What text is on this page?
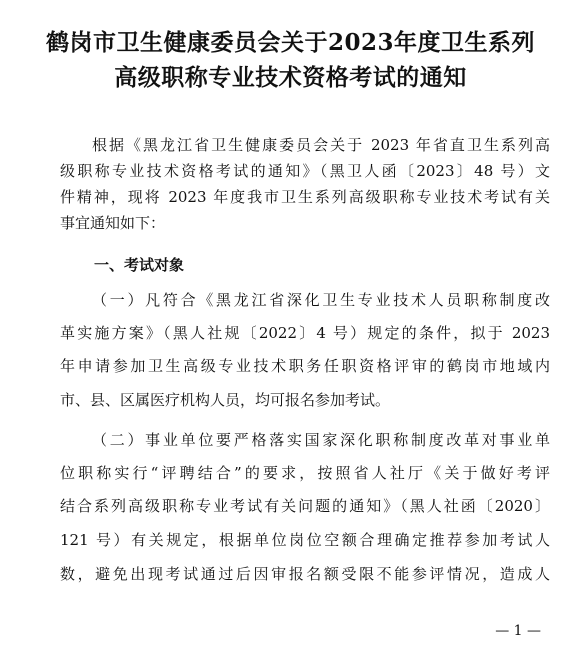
鹤岗市卫生健康委员会关于2023年度卫生系列
高级职称专业技术资格考试的通知
根据《黑龙江省卫生健康委员会关于 2023 年省直卫生系列高
级职称专业技术资格考试的通知》（黑卫人函〔2023〕48 号）文
件精神，现将 2023 年度我市卫生系列高级职称专业技术考试有关
事宜通知如下：
一、考试对象
（一）凡符合《黑龙江省深化卫生专业技术人员职称制度改
革实施方案》（黑人社规〔2022〕4 号）规定的条件，拟于 2023
年申请参加卫生高级专业技术职务任职资格评审的鹤岗市地域内
市、县、区属医疗机构人员，均可报名参加考试。
（二）事业单位要严格落实国家深化职称制度改革对事业单
位职称实行“评聘结合”的要求，按照省人社厅《关于做好考评
结合系列高级职称专业考试有关问题的通知》（黑人社函〔2020〕
121 号）有关规定，根据单位岗位空额合理确定推荐参加考试人
数，避免出现考试通过后因审报名额受限不能参评情况，造成人
— 1 —
